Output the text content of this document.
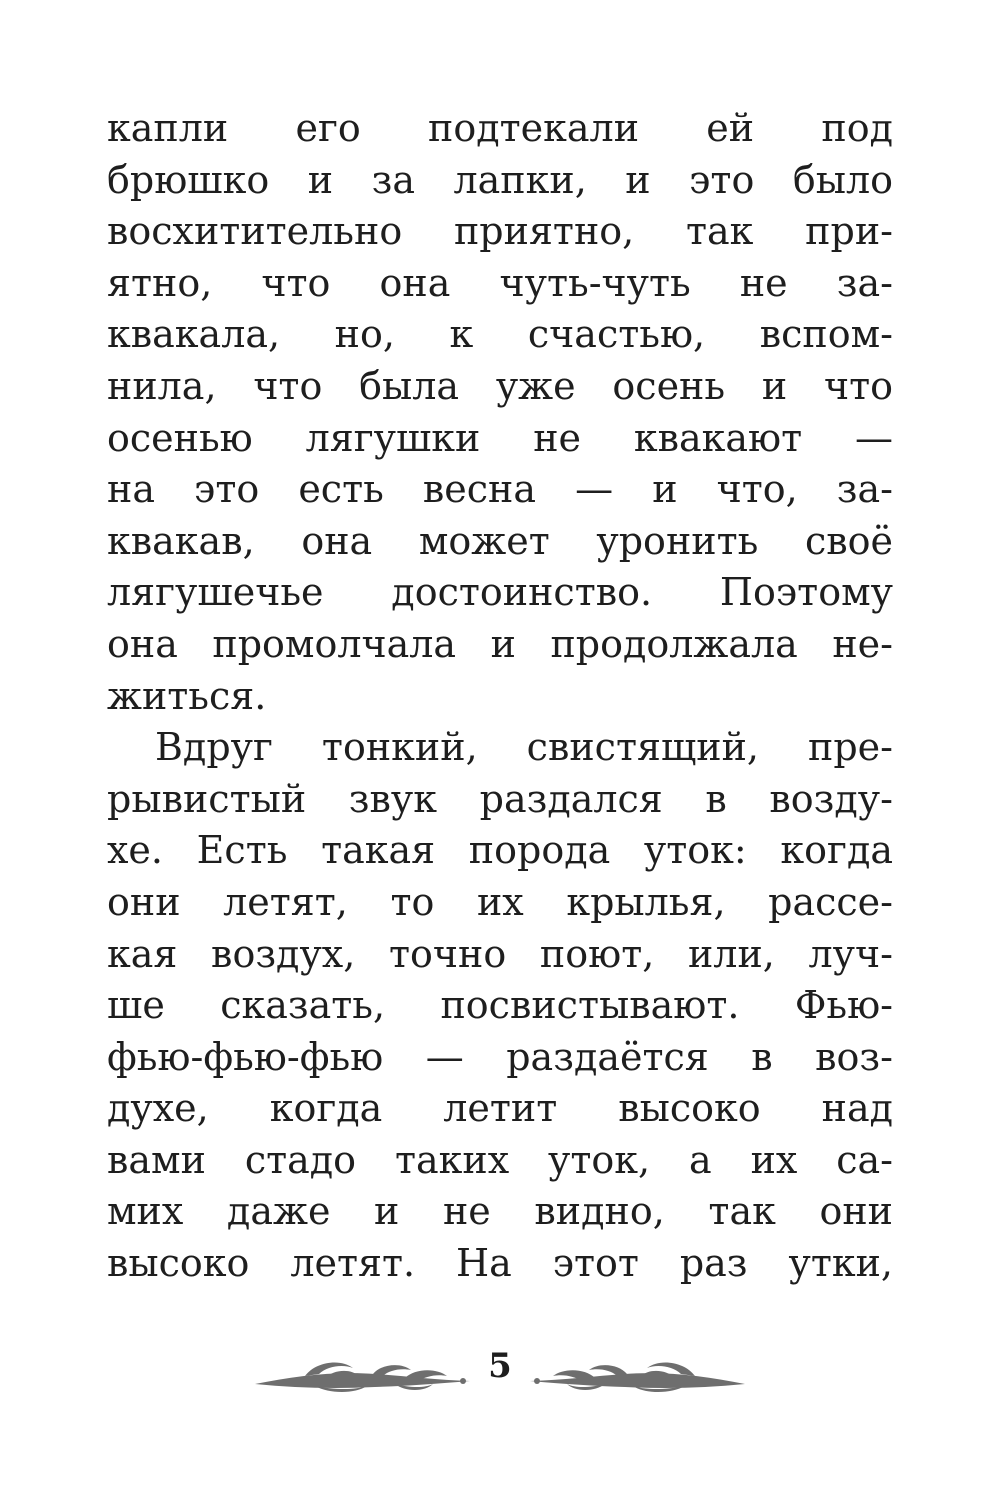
капли его подтекали ей под
брюшко и за лапки, и это было
восхитительно приятно, так при-
ятно, что она чуть-чуть не за-
квакала, но, к счастью, вспом-
нила, что была уже осень и что
осенью лягушки не квакают —
на это есть весна — и что, за-
квакав, она может уронить своё
лягушечье достоинство. Поэтому
она промолчала и продолжала не-
житься.
Вдруг тонкий, свистящий, пре-
рывистый звук раздался в возду-
хе. Есть такая порода уток: когда
они летят, то их крылья, рассе-
кая воздух, точно поют, или, луч-
ше сказать, посвистывают. Фью-
фью-фью-фью — раздаётся в воз-
духе, когда летит высоко над
вами стадо таких уток, а их са-
мих даже и не видно, так они
высоко летят. На этот раз утки,
5
